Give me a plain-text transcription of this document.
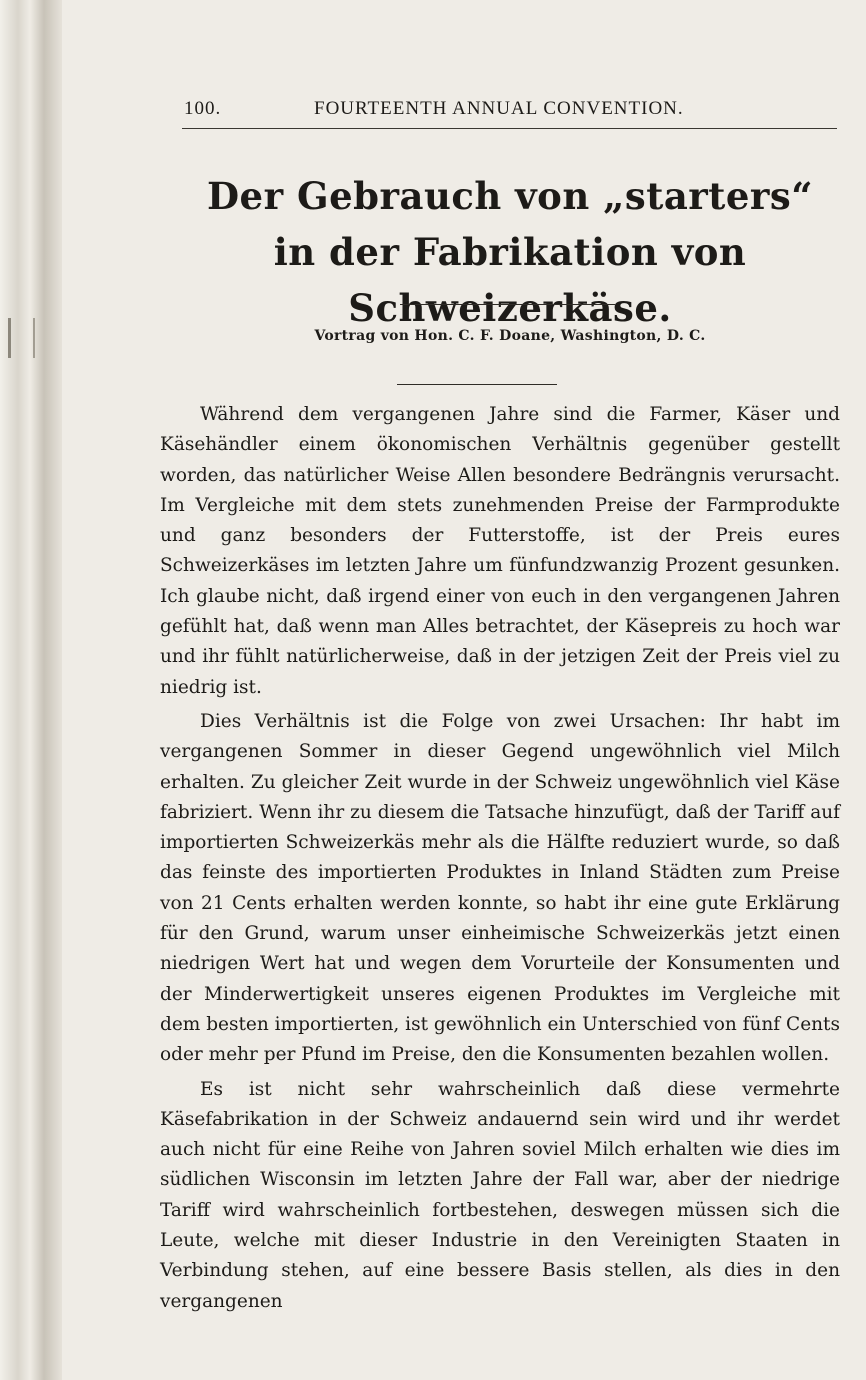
100.	FOURTEENTH ANNUAL CONVENTION.
Der Gebrauch von „starters“ in der Fabrikation von Schweizerkäse.
Vortrag von Hon. C. F. Doane, Washington, D. C.

Während dem vergangenen Jahre sind die Farmer, Käser und Käsehändler einem ökonomischen Verhältnis gegenüber gestellt worden, das natürlicher Weise Allen besondere Bedrängnis verursacht. Im Vergleiche mit dem stets zunehmenden Preise der Farmprodukte und ganz besonders der Futterstoffe, ist der Preis eures Schweizerkäses im letzten Jahre um fünfundzwanzig Prozent gesunken. Ich glaube nicht, daß irgend einer von euch in den vergangenen Jahren gefühlt hat, daß wenn man Alles betrachtet, der Käsepreis zu hoch war und ihr fühlt natürlicherweise, daß in der jetzigen Zeit der Preis viel zu niedrig ist.

Dies Verhältnis ist die Folge von zwei Ursachen: Ihr habt im vergangenen Sommer in dieser Gegend ungewöhnlich viel Milch erhalten. Zu gleicher Zeit wurde in der Schweiz ungewöhnlich viel Käse fabriziert. Wenn ihr zu diesem die Tatsache hinzufügt, daß der Tariff auf importierten Schweizerkäs mehr als die Hälfte reduziert wurde, so daß das feinste des importierten Produktes in Inland Städten zum Preise von 21 Cents erhalten werden konnte, so habt ihr eine gute Erklärung für den Grund, warum unser einheimische Schweizerkäs jetzt einen niedrigen Wert hat und wegen dem Vorurteile der Konsumenten und der Minderwertigkeit unseres eigenen Produktes im Vergleiche mit dem besten importierten, ist gewöhnlich ein Unterschied von fünf Cents oder mehr per Pfund im Preise, den die Konsumenten bezahlen wollen.

Es ist nicht sehr wahrscheinlich daß diese vermehrte Käsefabrikation in der Schweiz andauernd sein wird und ihr werdet auch nicht für eine Reihe von Jahren soviel Milch erhalten wie dies im südlichen Wisconsin im letzten Jahre der Fall war, aber der niedrige Tariff wird wahrscheinlich fortbestehen, deswegen müssen sich die Leute, welche mit dieser Industrie in den Vereinigten Staaten in Verbindung stehen, auf eine bessere Basis stellen, als dies in den vergangenen
